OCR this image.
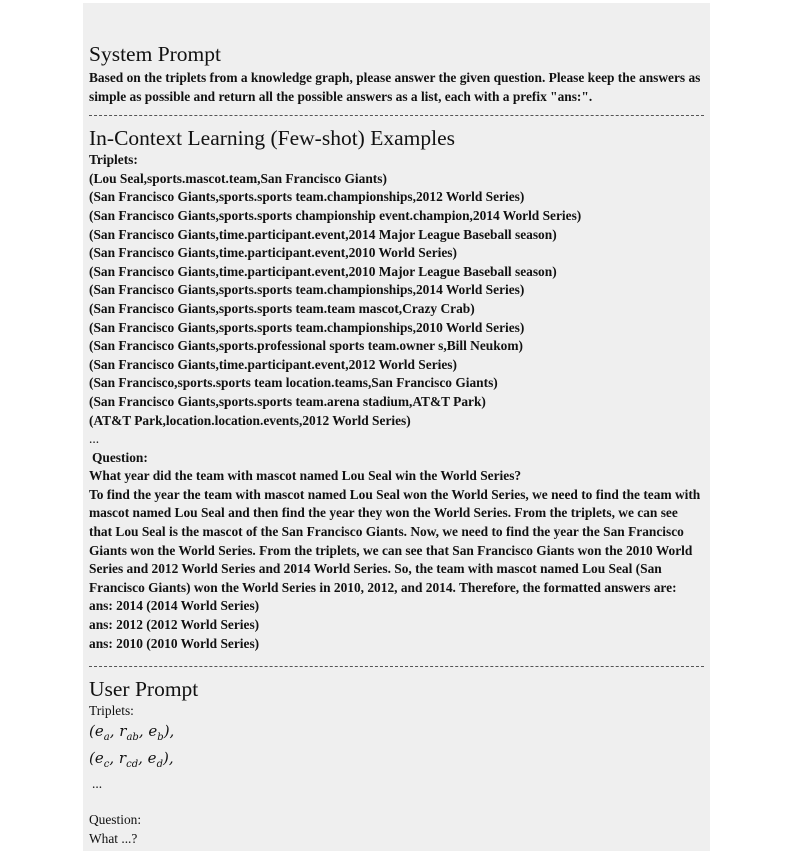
System Prompt
Based on the triplets from a knowledge graph, please answer the given question. Please keep the answers as simple as possible and return all the possible answers as a list, each with a prefix "ans:".
In-Context Learning (Few-shot) Examples
Triplets:
(Lou Seal,sports.mascot.team,San Francisco Giants)
(San Francisco Giants,sports.sports team.championships,2012 World Series)
(San Francisco Giants,sports.sports championship event.champion,2014 World Series)
(San Francisco Giants,time.participant.event,2014 Major League Baseball season)
(San Francisco Giants,time.participant.event,2010 World Series)
(San Francisco Giants,time.participant.event,2010 Major League Baseball season)
(San Francisco Giants,sports.sports team.championships,2014 World Series)
(San Francisco Giants,sports.sports team.team mascot,Crazy Crab)
(San Francisco Giants,sports.sports team.championships,2010 World Series)
(San Francisco Giants,sports.professional sports team.owner s,Bill Neukom)
(San Francisco Giants,time.participant.event,2012 World Series)
(San Francisco,sports.sports team location.teams,San Francisco Giants)
(San Francisco Giants,sports.sports team.arena stadium,AT&T Park)
(AT&T Park,location.location.events,2012 World Series)
...
Question:
What year did the team with mascot named Lou Seal win the World Series?
To find the year the team with mascot named Lou Seal won the World Series, we need to find the team with mascot named Lou Seal and then find the year they won the World Series. From the triplets, we can see that Lou Seal is the mascot of the San Francisco Giants. Now, we need to find the year the San Francisco Giants won the World Series. From the triplets, we can see that San Francisco Giants won the 2010 World Series and 2012 World Series and 2014 World Series. So, the team with mascot named Lou Seal (San Francisco Giants) won the World Series in 2010, 2012, and 2014. Therefore, the formatted answers are:
ans: 2014 (2014 World Series)
ans: 2012 (2012 World Series)
ans: 2010 (2010 World Series)
User Prompt
Triplets:
($e_a$, $r_{ab}$, $e_b$),
($e_c$, $r_{cd}$, $e_d$),
...
Question:
What ...?
